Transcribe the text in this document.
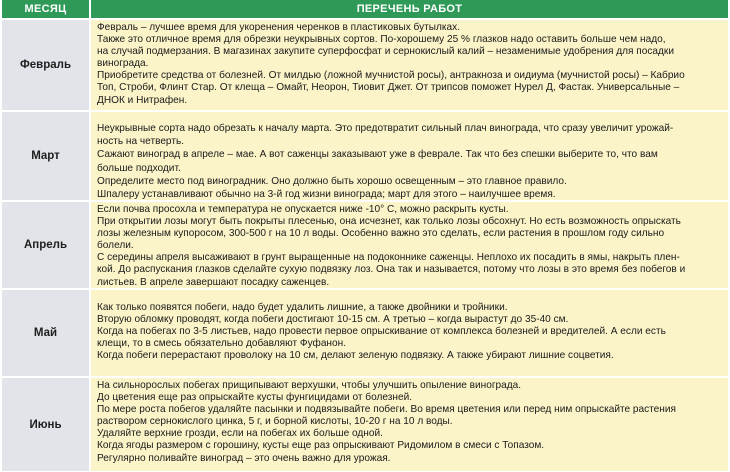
МЕСЯЦ	ПЕРЕЧЕНЬ РАБОТ
Февраль

Февраль – лучшее время для укоренения черенков в пластиковых бутылках.
Также это отличное время для обрезки неукрывных сортов. По-хорошему 25 % глазков надо оставить больше чем надо,
на случай подмерзания. В магазинах закупите суперфосфат и сернокислый калий – незаменимые удобрения для посадки
винограда.

Приобретите средства от болезней. От милдью (ложной мучнистой росы), антракноза и оидиума (мучнистой росы) – Кабрио
Топ, Строби, Флинт Стар. От клеща – Омайт, Неорон, Тиовит Джет. От трипсов поможет Нурел Д, Фастак. Универсальные –
ДНОК и Нитрафен.

Март

Неукрывные сорта надо обрезать к началу марта. Это предотвратит сильный плач винограда, что сразу увеличит урожай-
ность на четверть.

Сажают виноград в апреле – мае. А вот саженцы заказывают уже в феврале. Так что без спешки выберите то, что вам
больше подходит.

Определите место под виноградник. Оно должно быть хорошо освещенным – это главное правило.

Шпалеру устанавливают обычно на 3-й год жизни винограда; март для этого – наилучшее время.

Апрель

Если почва просохла и температура не опускается ниже -10° С, можно раскрыть кусты.

При открытии лозы могут быть покрыты плесенью, она исчезнет, как только лозы обсохнут. Но есть возможность опрыскать
лозы железным купоросом, 300-500 г на 10 л воды. Особенно важно это сделать, если растения в прошлом году сильно
болели.

С середины апреля высаживают в грунт выращенные на подоконнике саженцы. Неплохо их посадить в ямы, накрыть плен-
кой. До распускания глазков сделайте сухую подвязку лоз. Она так и называется, потому что лозы в это время без побегов и
листьев. В апреле завершают посадку саженцев.

Май

Как только появятся побеги, надо будет удалить лишние, а также двойники и тройники.

Вторую обломку проводят, когда побеги достигают 10-15 см. А третью – когда вырастут до 35-40 см.

Когда на побегах по 3-5 листьев, надо провести первое опрыскивание от комплекса болезней и вредителей. А если есть
клещи, то в смесь обязательно добавляют Фуфанон.

Когда побеги перерастают проволоку на 10 см, делают зеленую подвязку. А также убирают лишние соцветия.

Июнь

На сильнорослых побегах прищипывают верхушки, чтобы улучшить опыление винограда.

До цветения еще раз опрыскайте кусты фунгицидами от болезней.

По мере роста побегов удаляйте пасынки и подвязывайте побеги. Во время цветения или перед ним опрыскайте растения
раствором сернокислого цинка, 5 г, и борной кислоты, 10-20 г на 10 л воды.

Удаляйте верхние грозди, если на побегах их больше одной.

Когда ягоды размером с горошину, кусты еще раз опрыскивают Ридомилом в смеси с Топазом.

Регулярно поливайте виноград – это очень важно для урожая.
